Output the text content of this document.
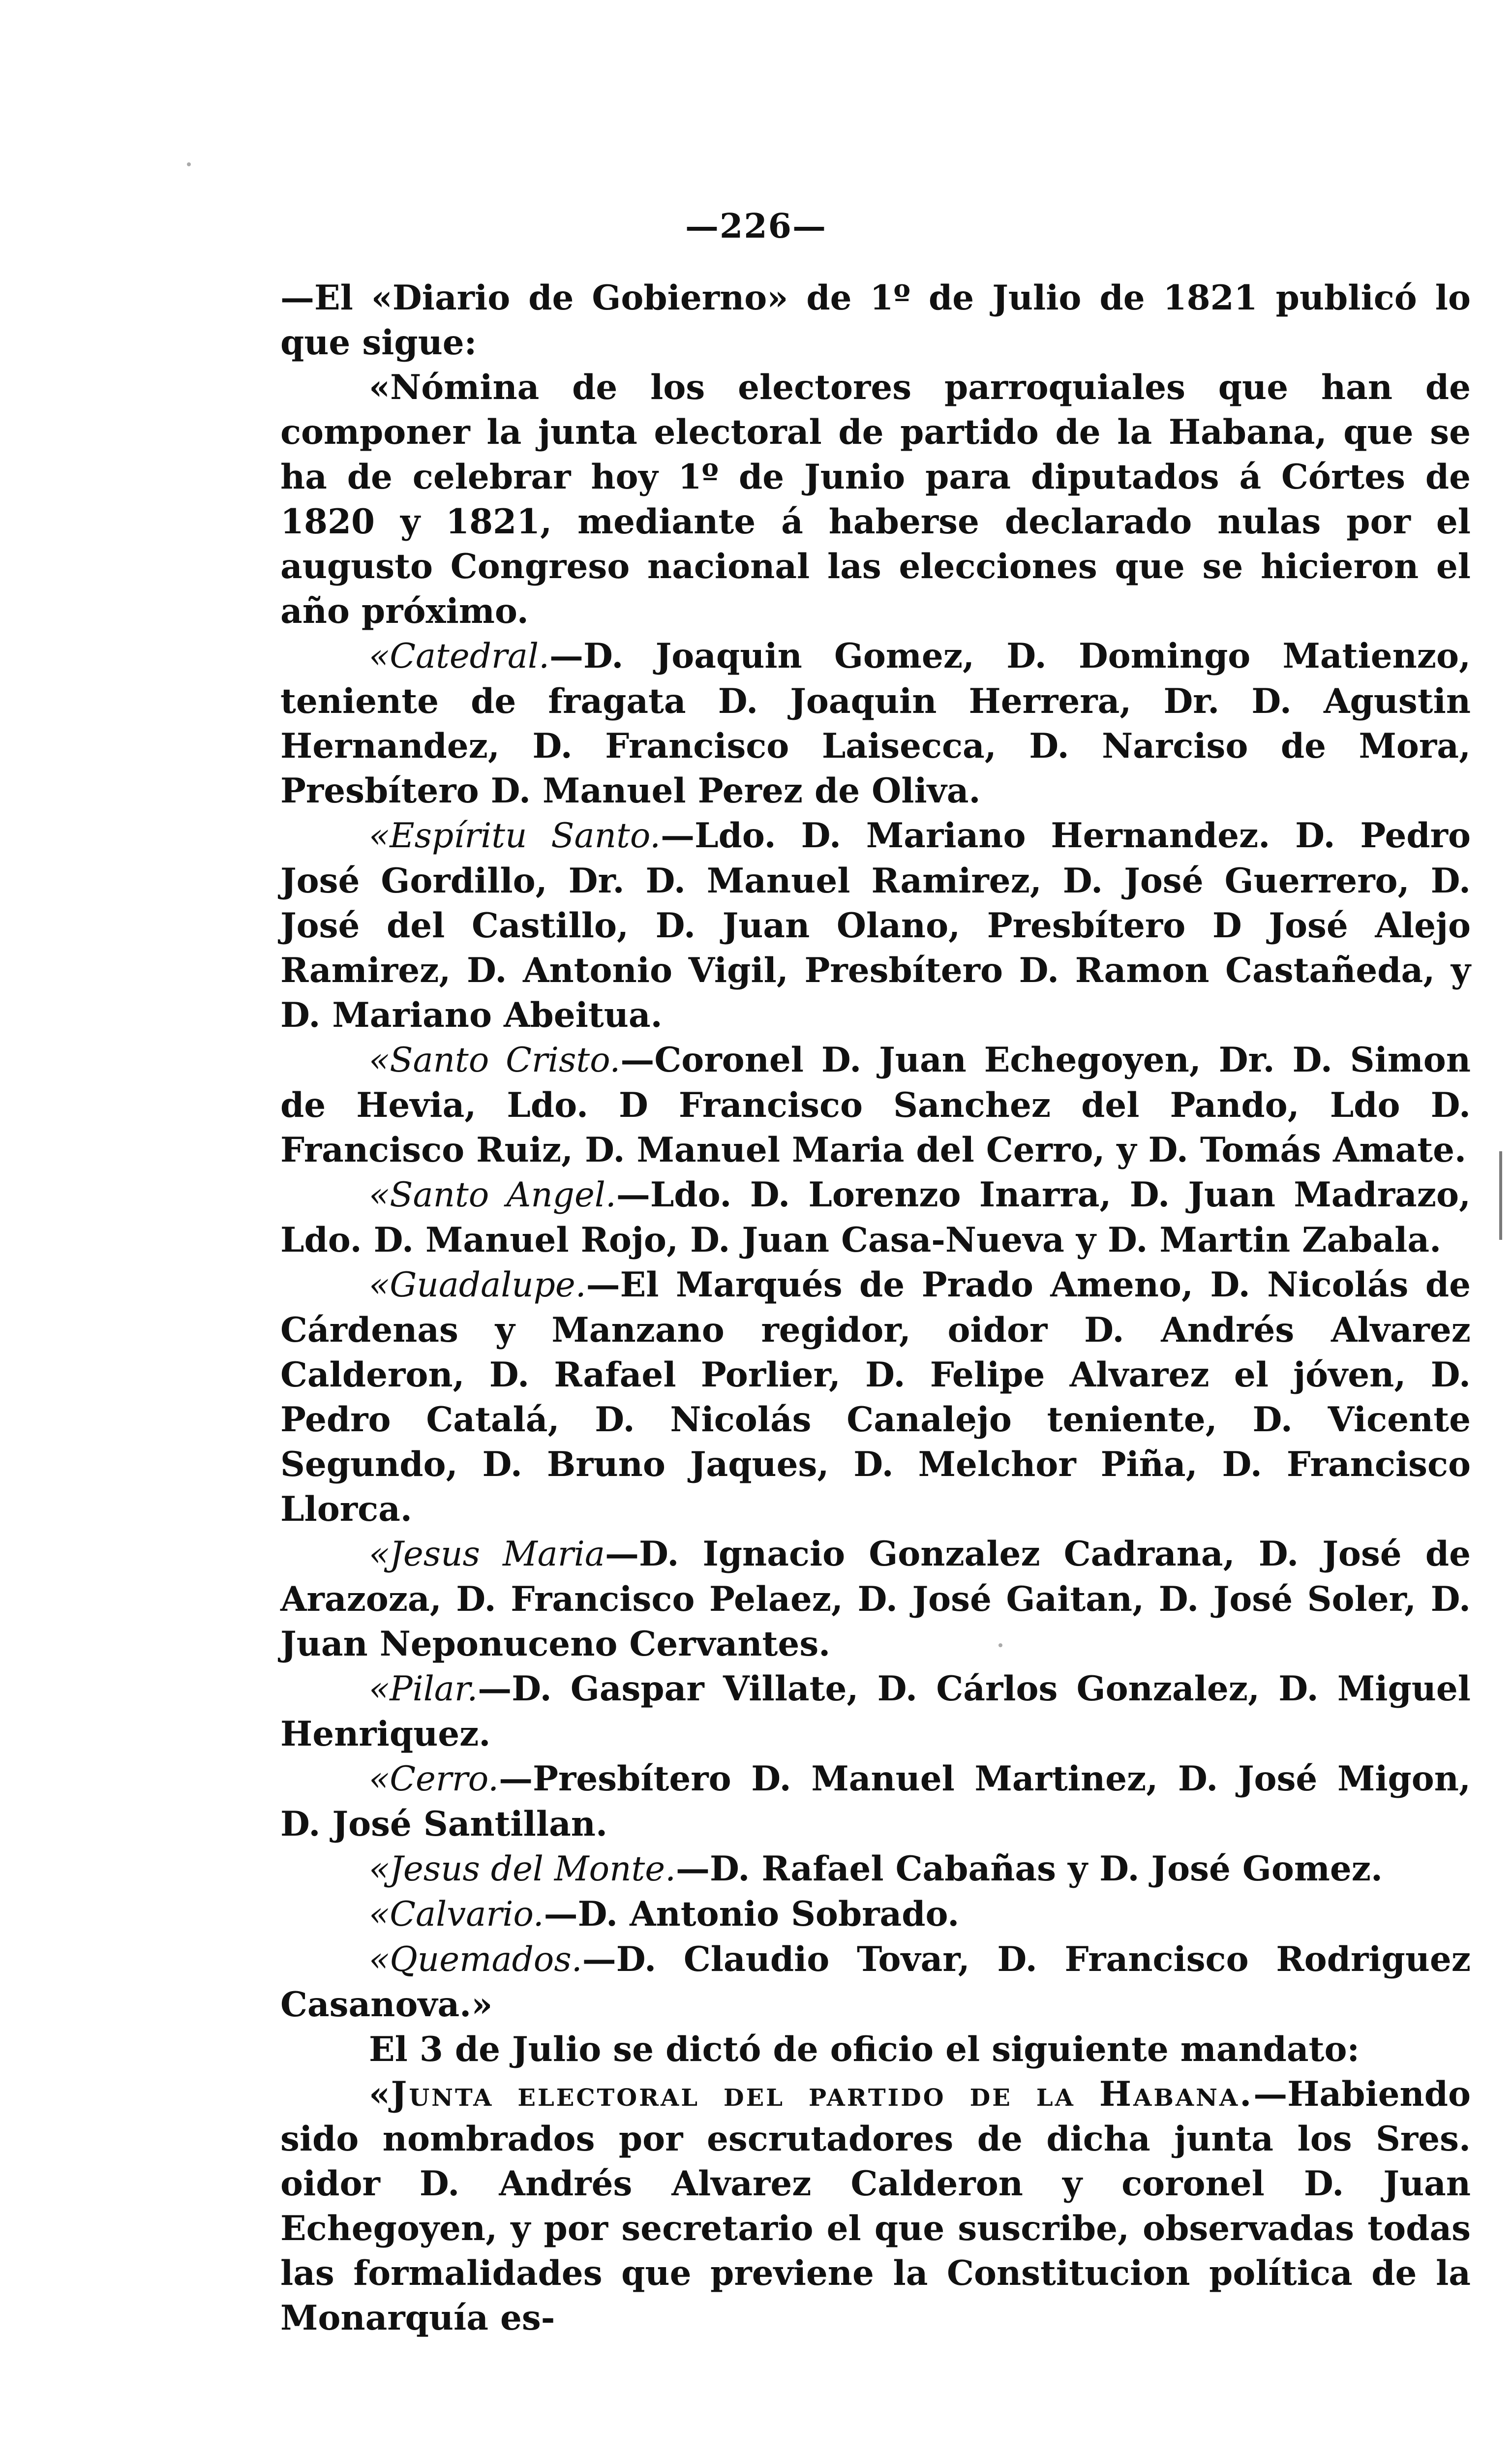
—226—

—El «Diario de Gobierno» de 1º de Julio de 1821 publicó lo que sigue:

«Nómina de los electores parroquiales que han de componer la junta electoral de partido de la Habana, que se ha de celebrar hoy 1º de Junio para diputados á Córtes de 1820 y 1821, mediante á haberse declarado nulas por el augusto Congreso nacional las elecciones que se hicieron el año próximo.

«Catedral.—D. Joaquin Gomez, D. Domingo Matienzo, teniente de fragata D. Joaquin Herrera, Dr. D. Agustin Hernandez, D. Francisco Laisecca, D. Narciso de Mora, Presbítero D. Manuel Perez de Oliva.

«Espíritu Santo.—Ldo. D. Mariano Hernandez. D. Pedro José Gordillo, Dr. D. Manuel Ramirez, D. José Guerrero, D. José del Castillo, D. Juan Olano, Presbítero D José Alejo Ramirez, D. Antonio Vigil, Presbítero D. Ramon Castañeda, y D. Mariano Abeitua.

«Santo Cristo.—Coronel D. Juan Echegoyen, Dr. D. Simon de Hevia, Ldo. D Francisco Sanchez del Pando, Ldo D. Francisco Ruiz, D. Manuel Maria del Cerro, y D. Tomás Amate.

«Santo Angel.—Ldo. D. Lorenzo Inarra, D. Juan Madrazo, Ldo. D. Manuel Rojo, D. Juan Casa-Nueva y D. Martin Zabala.

«Guadalupe.—El Marqués de Prado Ameno, D. Nicolás de Cárdenas y Manzano regidor, oidor D. Andrés Alvarez Calderon, D. Rafael Porlier, D. Felipe Alvarez el jóven, D. Pedro Catalá, D. Nicolás Canalejo teniente, D. Vicente Segundo, D. Bruno Jaques, D. Melchor Piña, D. Francisco Llorca.

«Jesus Maria—D. Ignacio Gonzalez Cadrana, D. José de Arazoza, D. Francisco Pelaez, D. José Gaitan, D. José Soler, D. Juan Neponuceno Cervantes.

«Pilar.—D. Gaspar Villate, D. Cárlos Gonzalez, D. Miguel Henriquez.

«Cerro.—Presbítero D. Manuel Martinez, D. José Migon, D. José Santillan.

«Jesus del Monte.—D. Rafael Cabañas y D. José Gomez.

«Calvario.—D. Antonio Sobrado.

«Quemados.—D. Claudio Tovar, D. Francisco Rodriguez Casanova.»

El 3 de Julio se dictó de oficio el siguiente mandato:

«Junta electoral del partido de la Habana.—Habiendo sido nombrados por escrutadores de dicha junta los Sres. oidor D. Andrés Alvarez Calderon y coronel D. Juan Echegoyen, y por secretario el que suscribe, observadas todas las formalidades que previene la Constitucion política de la Monarquía es-
